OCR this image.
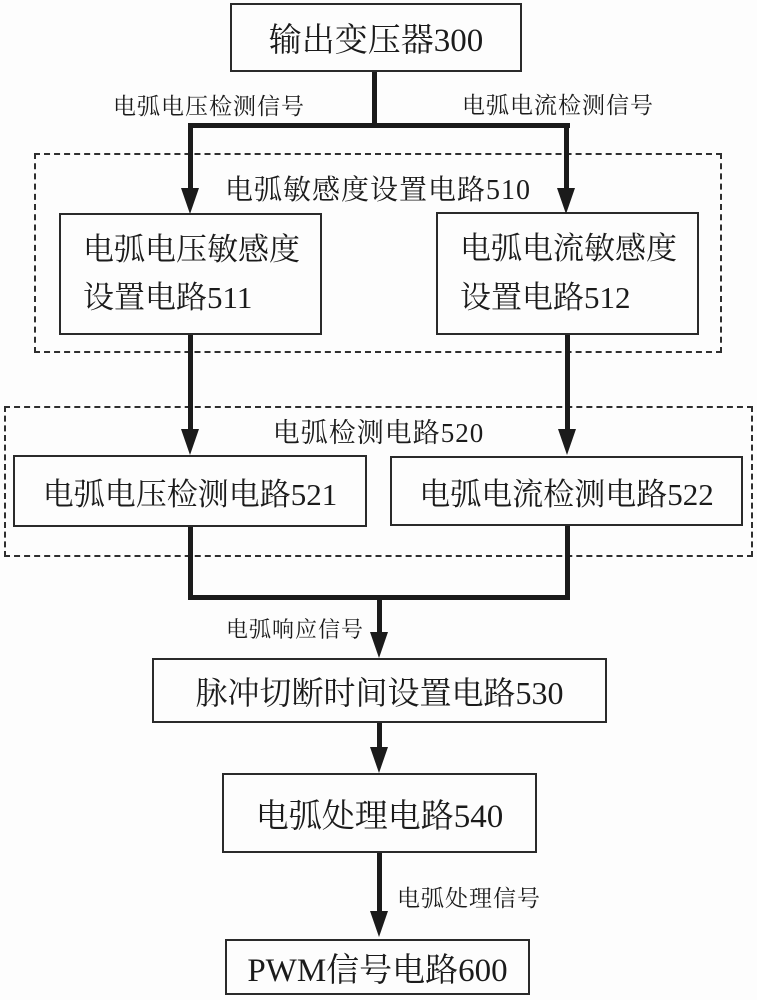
输出变压器300
电弧电压检测信号	电弧电流检测信号
电弧敏感度设置电路510
电弧电压敏感度
设置电路511
电弧电流敏感度
设置电路512
电弧检测电路520
电弧电压检测电路521	电弧电流检测电路522
电弧响应信号
脉冲切断时间设置电路530
电弧处理电路540
电弧处理信号
PWM信号电路600
